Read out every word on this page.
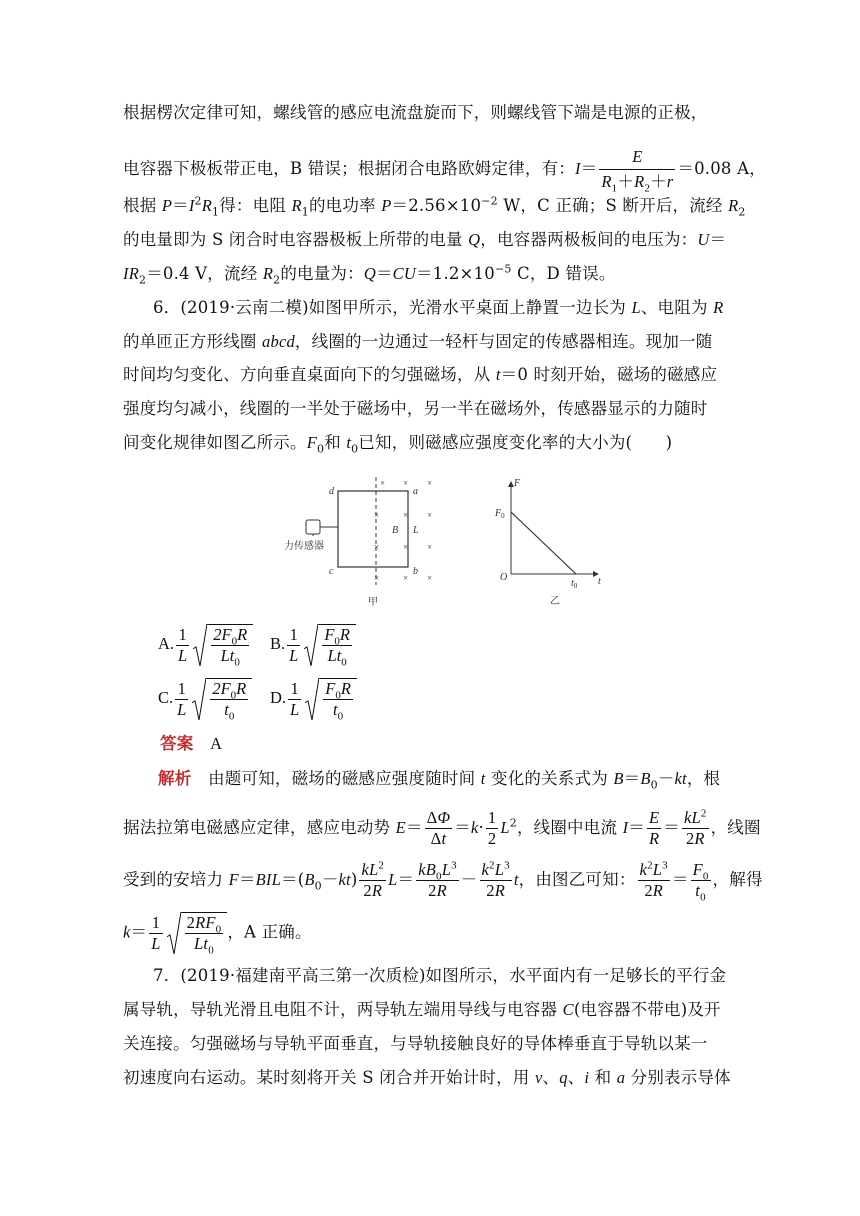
根据楞次定律可知，螺线管的感应电流盘旋而下，则螺线管下端是电源的正极，
电容器下极板带正电，B 错误；根据闭合电路欧姆定律，有：$I= \frac{E}{R_1+R_2+r} =0.08$ A，
根据 $P=I^2R_1$得：电阻 $R_1$的电功率 $P=2.56\times 10^{-2}$ W，C 正确；S 断开后，流经 $R_2$
的电量即为 S 闭合时电容器极板上所带的电量 Q，电容器两极板间的电压为：U＝
$IR_2=0.4$ V，流经 $R_2$的电量为：$Q=CU=1.2\times 10^{-5}$ C，D 错误。
6．(2019·云南二模)如图甲所示，光滑水平桌面上静置一边长为 L、电阻为 R
的单匝正方形线圈 abcd，线圈的一边通过一轻杆与固定的传感器相连。现加一随
时间均匀变化、方向垂直桌面向下的匀强磁场，从 t＝0 时刻开始，磁场的磁感应
强度均匀减小，线圈的一半处于磁场中，另一半在磁场外，传感器显示的力随时
间变化规律如图乙所示。$F_0$和 $t_0$已知，则磁感应强度变化率的大小为(　　)
× ×
×	× ×
×	× ×
×	× ×
×
d	a
c	b
B L
力传感器
甲
F
$F_0$
O
$t_0$ t
乙
A. $\frac{1}{L} \frac{2F_0R}{Lt_0} B$. $\frac{1}{L} \frac{F_0R}{Lt_0}$
C. $\frac{1}{L} \frac{2F_0R}{t_0} D$. $\frac{1}{L} \frac{F_0R}{t_0}$
答案　 A
解析　 由题可知，磁场的磁感应强度随时间 t 变化的关系式为 $B=B_0-kt$，根
据法拉第电磁感应定律，感应电动势 $E= \frac{\Delta\Phi}{\Delta t} =k\cdot \frac{1}{2} L^2$，线圈中电流 $I= \frac{E}{R} = \frac{kL^2}{2R}$ ，线圈
受到的安培力 $F=BIL=(B_0-kt) \frac{kL^2}{2R} L= \frac{kB_0L^3}{2R} - \frac{k^2L^3}{2R}$ t，由图乙可知： $\frac{k^2L^3}{2R} = \frac{F_0}{t_0}$ ，解得
$k= \frac{1}{L} \frac{2RF_0}{Lt_0}$ ，A 正确。
7．(2019·福建南平高三第一次质检)如图所示，水平面内有一足够长的平行金
属导轨，导轨光滑且电阻不计，两导轨左端用导线与电容器 C(电容器不带电)及开
关连接。匀强磁场与导轨平面垂直，与导轨接触良好的导体棒垂直于导轨以某一
初速度向右运动。某时刻将开关 S 闭合并开始计时，用 v、q、i 和 a 分别表示导体
